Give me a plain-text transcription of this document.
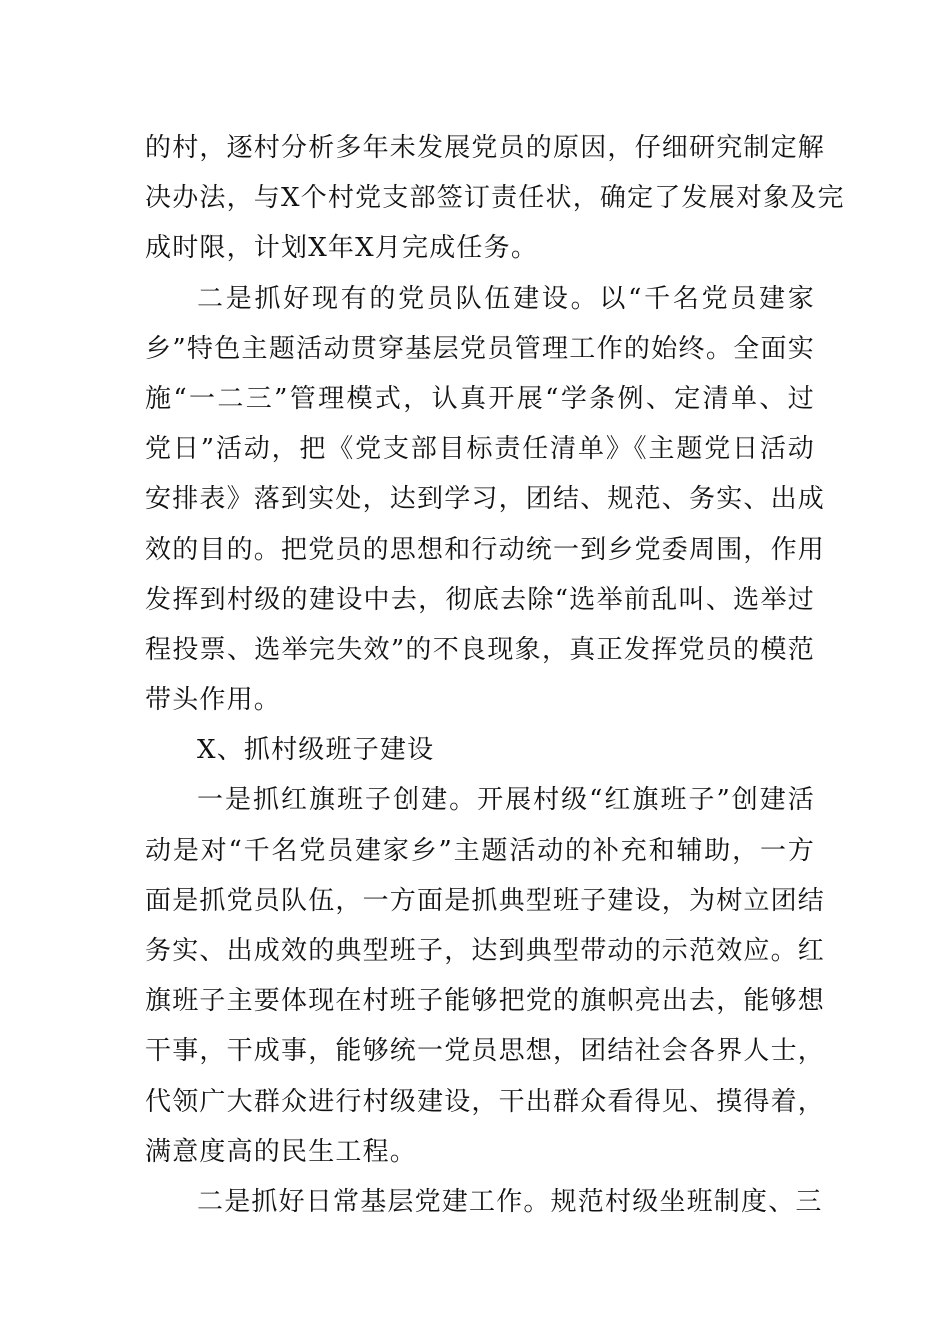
的村，逐村分析多年未发展党员的原因，仔细研究制定解
决办法，与X个村党支部签订责任状，确定了发展对象及完
成时限，计划X年X月完成任务。
二是抓好现有的党员队伍建设。以“千名党员建家
乡”特色主题活动贯穿基层党员管理工作的始终。全面实
施“一二三”管理模式，认真开展“学条例、定清单、过
党日”活动，把《党支部目标责任清单》《主题党日活动
安排表》落到实处，达到学习，团结、规范、务实、出成
效的目的。把党员的思想和行动统一到乡党委周围，作用
发挥到村级的建设中去，彻底去除“选举前乱叫、选举过
程投票、选举完失效”的不良现象，真正发挥党员的模范
带头作用。
X、抓村级班子建设
一是抓红旗班子创建。开展村级“红旗班子”创建活
动是对“千名党员建家乡”主题活动的补充和辅助，一方
面是抓党员队伍，一方面是抓典型班子建设，为树立团结
务实、出成效的典型班子，达到典型带动的示范效应。红
旗班子主要体现在村班子能够把党的旗帜亮出去，能够想
干事，干成事，能够统一党员思想，团结社会各界人士，
代领广大群众进行村级建设，干出群众看得见、摸得着，
满意度高的民生工程。
二是抓好日常基层党建工作。规范村级坐班制度、三
